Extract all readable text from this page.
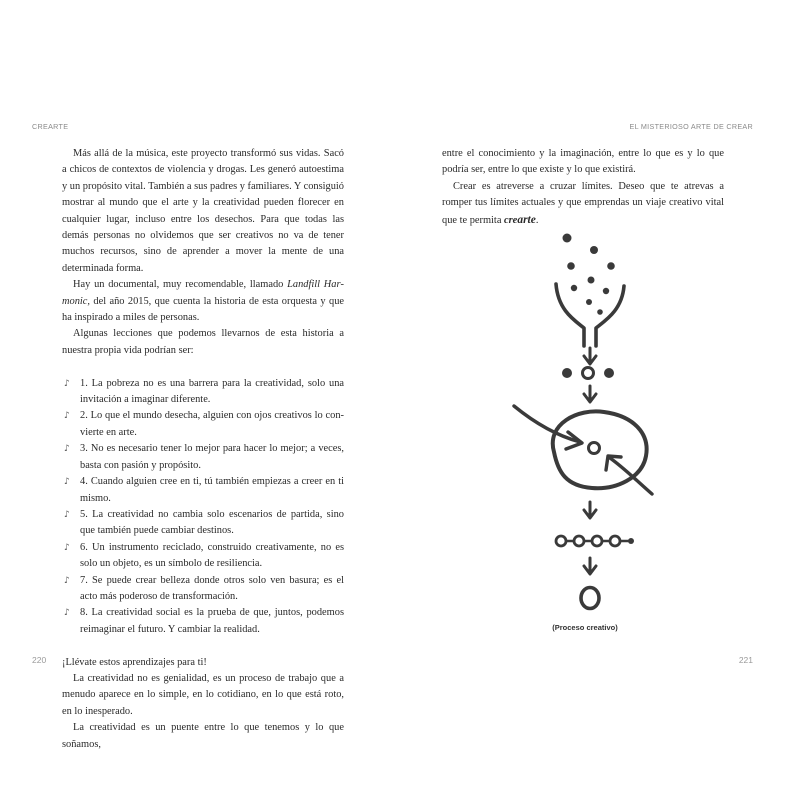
CREARTE

Más allá de la música, este proyecto transformó sus vidas. Sacó a chicos de contextos de violencia y drogas. Les generó autoestima y un propósito vital. También a sus padres y familiares. Y consiguió mostrar al mundo que el arte y la creatividad pueden florecer en cualquier lugar, incluso entre los desechos. Para que todas las demás personas no olvidemos que ser creativos no va de tener muchos recursos, sino de aprender a mover la mente de una determinada forma.

Hay un documental, muy recomendable, llamado Landfill Harmonic, del año 2015, que cuenta la historia de esta orquesta y que ha inspirado a miles de personas.

Algunas lecciones que podemos llevarnos de esta historia a nuestra propia vida podrían ser:

♪ 1. La pobreza no es una barrera para la creatividad, solo una invitación a imaginar diferente.
♪ 2. Lo que el mundo desecha, alguien con ojos creativos lo convierte en arte.
♪ 3. No es necesario tener lo mejor para hacer lo mejor; a veces, basta con pasión y propósito.
♪ 4. Cuando alguien cree en ti, tú también empiezas a creer en ti mismo.
♪ 5. La creatividad no cambia solo escenarios de partida, sino que también puede cambiar destinos.
♪ 6. Un instrumento reciclado, construido creativamente, no es solo un objeto, es un símbolo de resiliencia.
♪ 7. Se puede crear belleza donde otros solo ven basura; es el acto más poderoso de transformación.
♪ 8. La creatividad social es la prueba de que, juntos, podemos reimaginar el futuro. Y cambiar la realidad.

¡Llévate estos aprendizajes para ti!

La creatividad no es genialidad, es un proceso de trabajo que a menudo aparece en lo simple, en lo cotidiano, en lo que está roto, en lo inesperado.

La creatividad es un puente entre lo que tenemos y lo que soñamos,

220
EL MISTERIOSO ARTE DE CREAR

entre el conocimiento y la imaginación, entre lo que es y lo que podría ser, entre lo que existe y lo que existirá.

Crear es atreverse a cruzar límites. Deseo que te atrevas a romper tus límites actuales y que emprendas un viaje creativo vital que te permita crearte.

(Proceso creativo)
221
